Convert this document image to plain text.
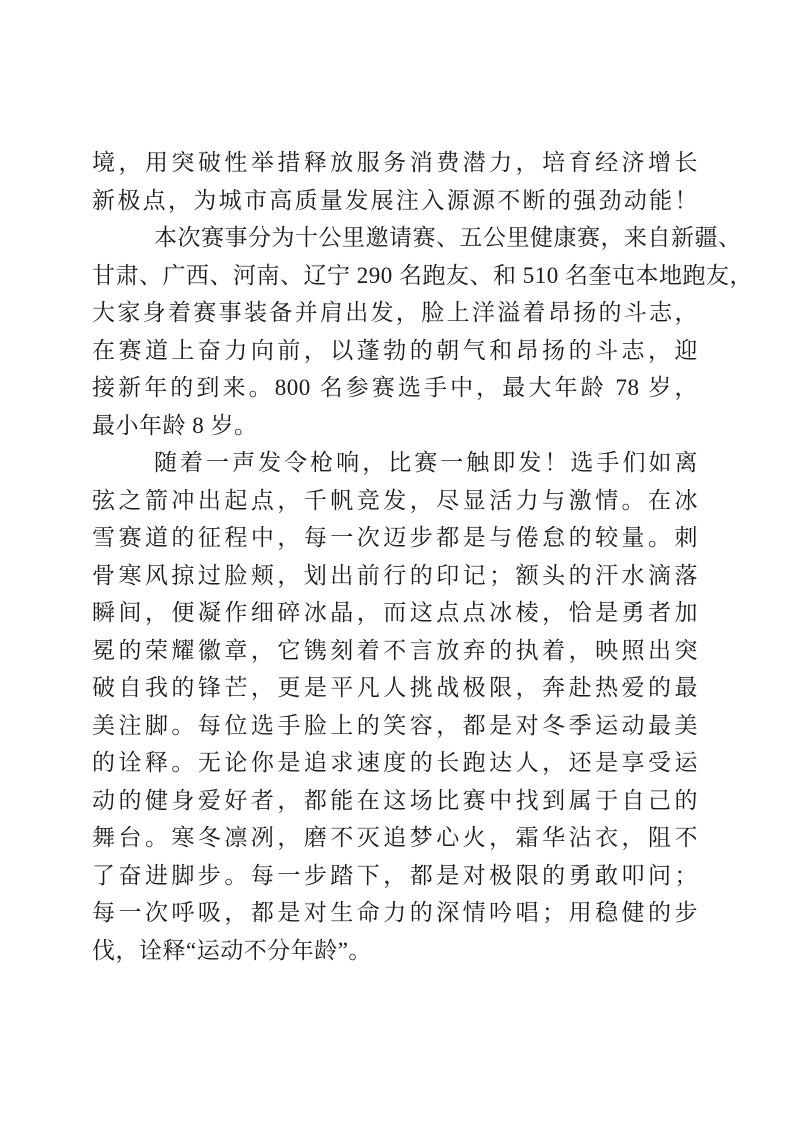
境，用突破性举措释放服务消费潜力，培育经济增长
新极点，为城市高质量发展注入源源不断的强劲动能！
本次赛事分为十公里邀请赛、五公里健康赛，来自新疆、
甘肃、广西、河南、辽宁 290 名跑友、和 510 名奎屯本地跑友，
大家身着赛事装备并肩出发，脸上洋溢着昂扬的斗志，
在赛道上奋力向前，以蓬勃的朝气和昂扬的斗志，迎
接新年的到来。800 名参赛选手中，最大年龄 78 岁，
最小年龄 8 岁。
随着一声发令枪响，比赛一触即发！选手们如离
弦之箭冲出起点，千帆竞发，尽显活力与激情。在冰
雪赛道的征程中，每一次迈步都是与倦怠的较量。刺
骨寒风掠过脸颊，划出前行的印记；额头的汗水滴落
瞬间，便凝作细碎冰晶，而这点点冰棱，恰是勇者加
冕的荣耀徽章，它镌刻着不言放弃的执着，映照出突
破自我的锋芒，更是平凡人挑战极限，奔赴热爱的最
美注脚。每位选手脸上的笑容，都是对冬季运动最美
的诠释。无论你是追求速度的长跑达人，还是享受运
动的健身爱好者，都能在这场比赛中找到属于自己的
舞台。寒冬凛冽，磨不灭追梦心火，霜华沾衣，阻不
了奋进脚步。每一步踏下，都是对极限的勇敢叩问；
每一次呼吸，都是对生命力的深情吟唱；用稳健的步
伐，诠释“运动不分年龄”。
